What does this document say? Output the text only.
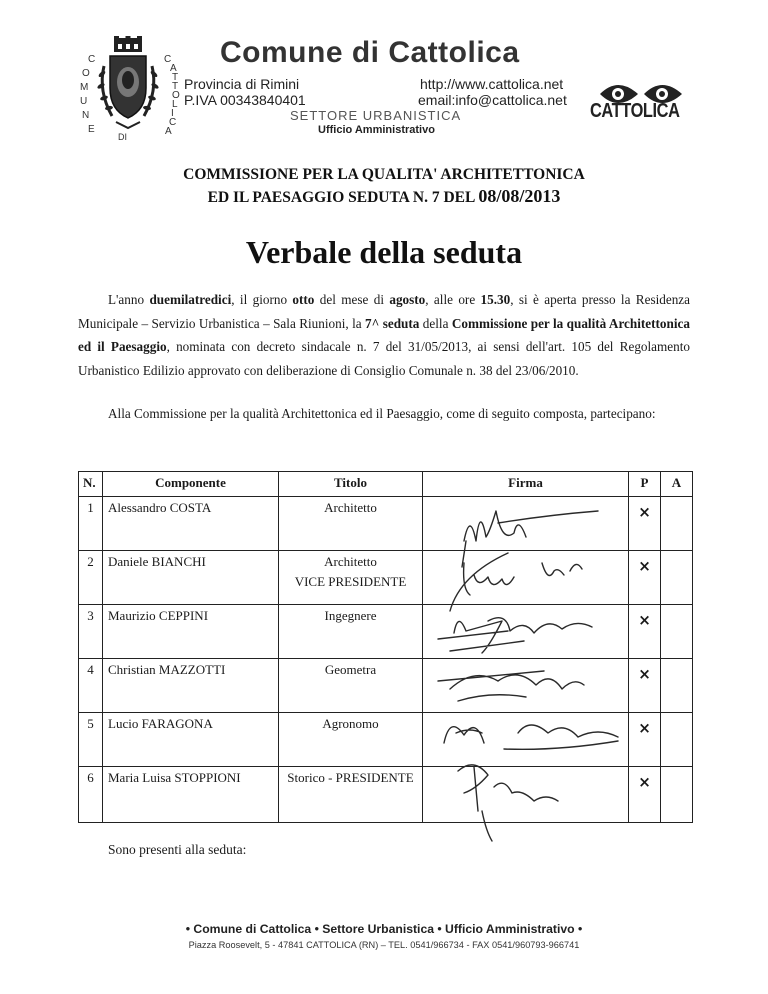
C
O
M
U
N
E
C
A
T
T
O
L
I
C
A
DI
Comune di Cattolica
Provincia di Rimini
P.IVA 00343840401
http://www.cattolica.net
email:info@cattolica.net
SETTORE URBANISTICA
Ufficio Amministrativo
CATTOLICA
COMMISSIONE PER LA QUALITA' ARCHITETTONICA
ED IL PAESAGGIO SEDUTA N. 7 DEL 08/08/2013
Verbale della seduta
L'anno duemilatredici, il giorno otto del mese di agosto, alle ore 15.30, si è aperta presso la Residenza Municipale – Servizio Urbanistica – Sala Riunioni, la 7^ seduta della Commissione per la qualità Architettonica ed il Paesaggio, nominata con decreto sindacale n. 7 del 31/05/2013, ai sensi dell'art. 105 del Regolamento Urbanistico Edilizio approvato con deliberazione di Consiglio Comunale n. 38 del 23/06/2010.
Alla Commissione per la qualità Architettonica ed il Paesaggio, come di seguito composta, partecipano:
N.	Componente	Titolo	Firma	P	A
1	Alessandro COSTA	Architetto		×	
2	Daniele BIANCHI	Architetto
VICE PRESIDENTE		×	
3	Maurizio CEPPINI	Ingegnere		×	
4	Christian MAZZOTTI	Geometra		×	
5	Lucio FARAGONA	Agronomo		×	
6	Maria Luisa STOPPIONI	Storico - PRESIDENTE		×	
Sono presenti alla seduta:
• Comune di Cattolica • Settore Urbanistica • Ufficio Amministrativo •
Piazza Roosevelt, 5 - 47841 CATTOLICA (RN) – TEL. 0541/966734 - FAX 0541/960793-966741
